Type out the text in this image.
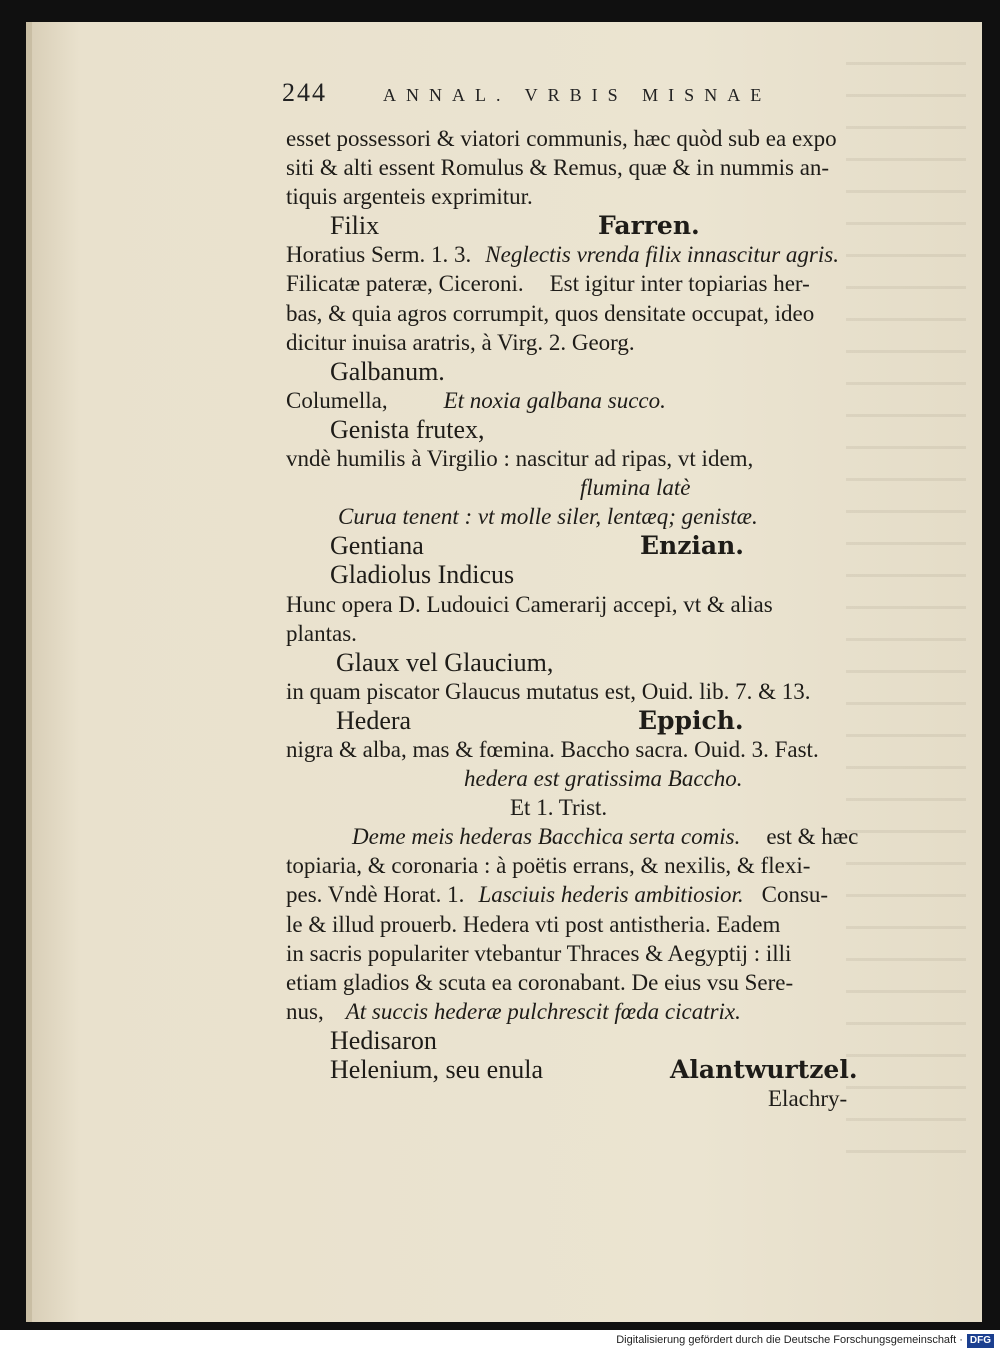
244	ANNAL. VRBIS MISNAE
esset possessori & viatori communis, hæc quòd sub ea expo
siti & alti essent Romulus & Remus, quæ & in nummis an-
tiquis argenteis exprimitur.
Filix	Farren.
Horatius Serm. 1. 3. Neglectis vrenda filix innascitur agris.
Filicatæ pateræ, Ciceroni. Est igitur inter topiarias her-
bas, & quia agros corrumpit, quos densitate occupat, ideo
dicitur inuisa aratris, à Virg. 2. Georg.
Galbanum.
Columella, Et noxia galbana succo.
Genista frutex,
vndè humilis à Virgilio : nascitur ad ripas, vt idem,
flumina latè
Curua tenent : vt molle siler, lentæq; genistæ.
Gentiana	Enzian.
Gladiolus Indicus
Hunc opera D. Ludouici Camerarij accepi, vt & alias
plantas.
Glaux vel Glaucium,
in quam piscator Glaucus mutatus est, Ouid. lib. 7. & 13.
Hedera	Eppich.
nigra & alba, mas & fœmina. Baccho sacra. Ouid. 3. Fast.
hedera est gratissima Baccho.
Et 1. Trist.
Deme meis hederas Bacchica serta comis. est & hæc
topiaria, & coronaria : à poëtis errans, & nexilis, & flexi-
pes. Vndè Horat. 1. Lasciuis hederis ambitiosior. Consu-
le & illud prouerb. Hedera vti post antistheria. Eadem
in sacris populariter vtebantur Thraces & Aegyptij : illi
etiam gladios & scuta ea coronabant. De eius vsu Sere-
nus, At succis hederæ pulchrescit fœda cicatrix.
Hedisaron
Helenium, seu enula	Alantwurtzel.
Elachry-
Digitalisierung gefördert durch die Deutsche Forschungsgemeinschaft · DFG
